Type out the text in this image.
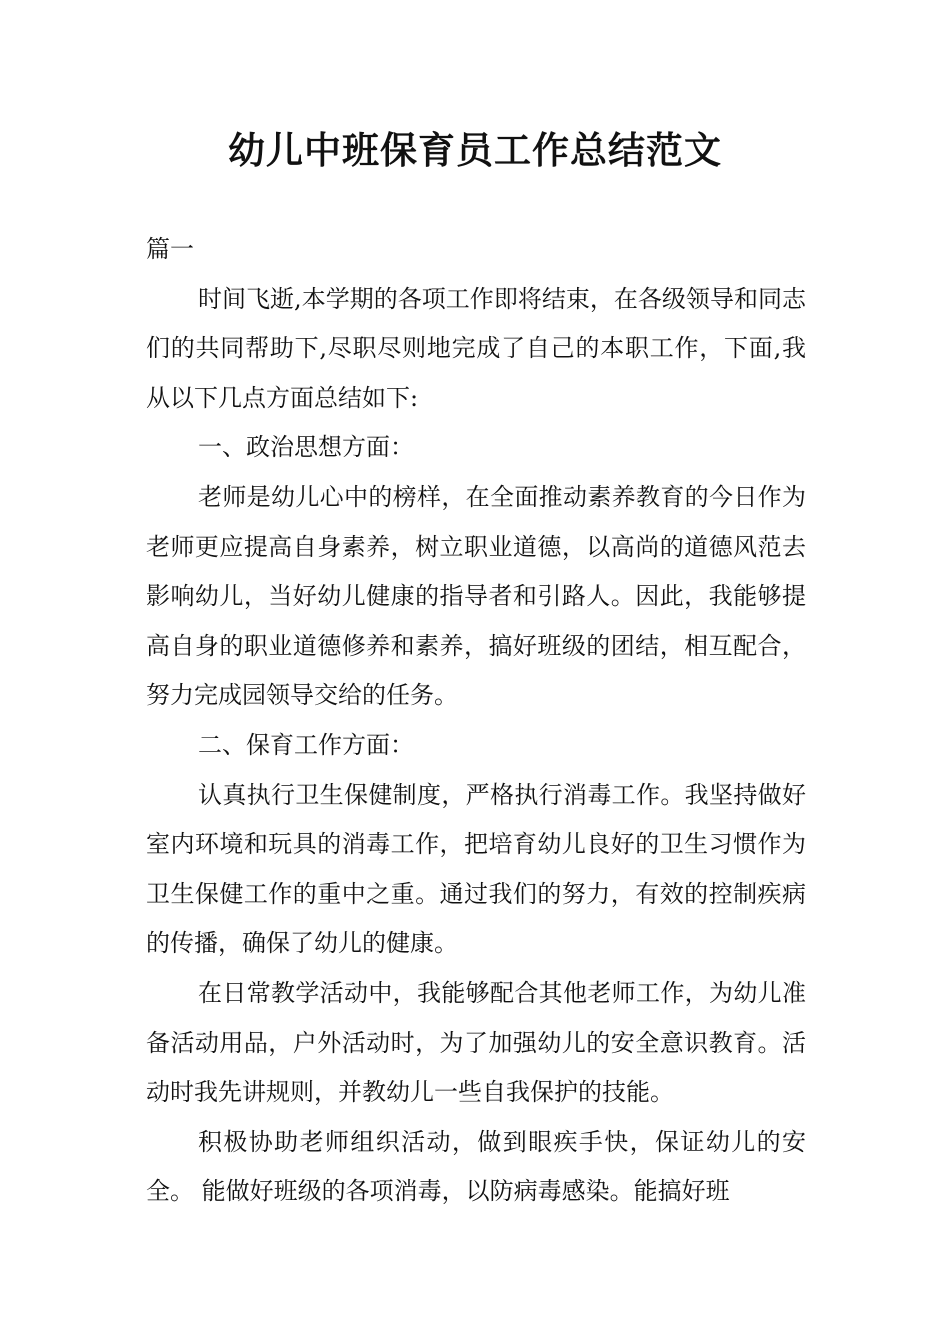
幼儿中班保育员工作总结范文

篇一

时间飞逝,本学期的各项工作即将结束，在各级领导和同志们的共同帮助下,尽职尽则地完成了自己的本职工作，下面,我从以下几点方面总结如下:

一、政治思想方面：

老师是幼儿心中的榜样，在全面推动素养教育的今日作为老师更应提高自身素养，树立职业道德，以高尚的道德风范去影响幼儿，当好幼儿健康的指导者和引路人。因此，我能够提高自身的职业道德修养和素养，搞好班级的团结，相互配合，努力完成园领导交给的任务。

二、保育工作方面：

认真执行卫生保健制度，严格执行消毒工作。我坚持做好室内环境和玩具的消毒工作，把培育幼儿良好的卫生习惯作为卫生保健工作的重中之重。通过我们的努力，有效的控制疾病的传播，确保了幼儿的健康。

在日常教学活动中，我能够配合其他老师工作，为幼儿准备活动用品，户外活动时，为了加强幼儿的安全意识教育。活动时我先讲规则，并教幼儿一些自我保护的技能。

积极协助老师组织活动，做到眼疾手快，保证幼儿的安全。 能做好班级的各项消毒，以防病毒感染。能搞好班
